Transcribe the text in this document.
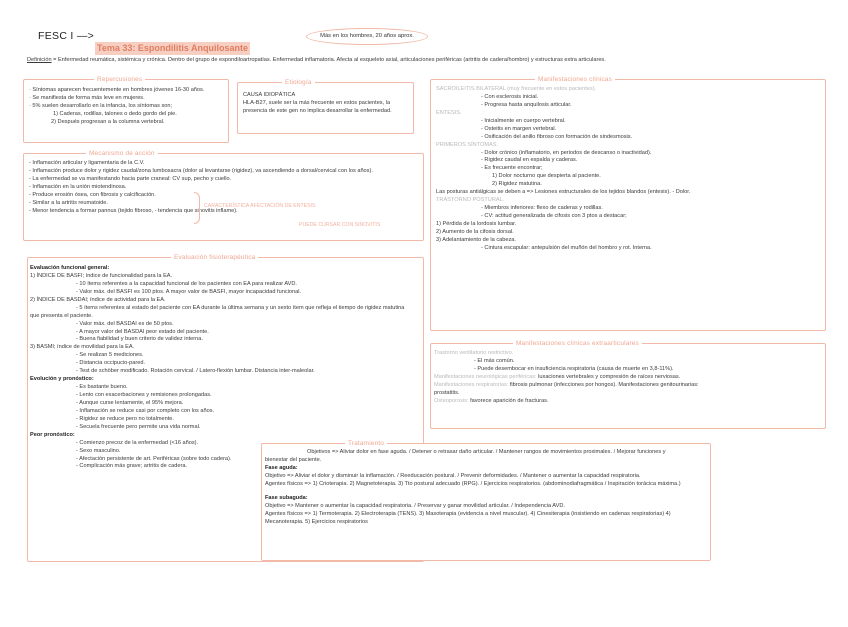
FESC I —>
Tema 33: Espondilitis Anquilosante
Más en los hombres, 20 años aprox.
Definición = Enfermedad reumática, sistémica y crónica. Dentro del grupo de espondiloartropatías. Enfermedad inflamatoria. Afecta al esqueleto axial, articulaciones periféricas (artritis de cadera/hombro) y estructuras extra articulares.
Repercusiones
· Síntomas aparecen frecuentemente en hombres jóvenes 16-30 años.
· Se manifiesta de forma más leve en mujeres.
· 5% suelen desarrollarlo en la infancia, los síntomas son;
1) Caderas, rodillas, talones o dedo gordo del pie.
2) Después progresan a la columna vertebral.
Etiología
CAUSA IDIOPÁTICA
HLA-B27, suele ser la más frecuente en estos pacientes, la
presencia de este gen no implica desarrollar la enfermedad.
Mecanismo de acción
- Inflamación articular y ligamentaria de la C.V.
- Inflamación produce dolor y rigidez caudal/zona lumbosacra (dolor al levantarse (rigidez), va ascendiendo a dorsal/cervical con los años).
- La enfermedad se va manifestando hacia parte craneal: CV sup, pecho y cuello.
- Inflamación en la unión miotendinosa.
- Produce erosión ósea, con fibrosis y calcificación.
- Similar a la artritis reumatoide.
- Menor tendencia a formar pannus (tejido fibroso, - tendencia que sinovitis inflame).
CARACTERÍSTICA AFECTACIÓN DE ENTESIS
PUEDE CURSAR CON SINOVITIS
Manifestaciones clínicas
SACROILEITIS BILATERAL (muy frecuente en estos pacientes).
- Con esclerosis inicial.
- Progresa hasta anquilosis articular.
ENTESIS.
- Inicialmente en cuerpo vertebral.
- Osteitis en margen vertebral.
- Osificación del anillo fibroso con formación de sindesmosis.
PRIMEROS SÍNTOMAS.
- Dolor crónico (inflamatorio, en periodos de descanso o inactividad).
- Rigidez caudal en espalda y caderas.
- Es frecuente encontrar;
1) Dolor nocturno que despierta al paciente.
2) Rigidez matutina.
Las posturas antiálgicas se deben a => Lesiones estructurales de los tejidos blandos (entesis). - Dolor.
TRASTORNO POSTURAL.
- Miembros inferiores: flexo de caderas y rodillas.
- CV: actitud generalizada de cifosis con 3 ptos a destacar;
1) Pérdida de la lordosis lumbar.
2) Aumento de la cifosis dorsal.
3) Adelantamiento de la cabeza.
- Cintura escapular: antepulsión del muñón del hombro y rot. Interna.
Manifestaciones clínicas extraarticulares
Trastorno ventilatorio restrictivo.
- El más común.
- Puede desembocar en insuficiencia respiratoria (causa de muerte en 3,8-11%).
Manifestaciones neurológicas periféricas: luxaciones vertebrales y compresión de raíces nerviosas.
Manifestaciones respiratorias: fibrosis pulmonar (infecciones por hongos). Manifestaciones genitourinarias:
prostatitis.
Osteoporosis: favorece aparición de fracturas.
Evaluación fisioterapéutica
Evaluación funcional general:
1) ÍNDICE DE BASFI; índice de funcionalidad para la EA.
- 10 ítems referentes a la capacidad funcional de los pacientes con EA para realizar AVD.
- Valor máx. del BASFI es 100 ptos. A mayor valor de BASFI, mayor incapacidad funcional.
2) ÍNDICE DE BASDAI; índice de actividad para la EA.
- 5 ítems referentes al estado del paciente con EA durante la última semana y un sexto ítem que refleja el tiempo de rigidez matutina
que presenta el paciente.
- Valor máx. del BASDAI es de 50 ptos.
- A mayor valor del BASDAI peor estado del paciente.
- Buena fiabilidad y buen criterio de validez interna.
3) BASMI; índice de movilidad para la EA.
- Se realizan 5 mediciones.
- Distancia occipucio-pared.
- Test de schöber modificado. Rotación cervical. / Latero-flexión lumbar. Distancia inter-maleolar.
Evolución y pronóstico:
- Es bastante bueno.
- Lento con exacerbaciones y remisiones prolongadas.
- Aunque curse lentamente, el 95% mejora.
- Inflamación se reduce casi por completo con los años.
- Rigidez se reduce pero no totalmente.
- Secuela frecuente pero permite una vida normal.
Peor pronóstico:
- Comienzo precoz de la enfermedad (<16 años).
- Sexo masculino.
- Afectación persistente de art. Periféricas (sobre todo cadera).
- Complicación más grave; artritis de cadera.
Tratamiento
Objetivos => Aliviar dolor en fase aguda. / Detener o retrasar daño articular. / Mantener rangos de movimientos proximales. / Mejorar funciones y
bienestar del paciente.
Fase aguda:
Objetivo => Aliviar el dolor y disminuir la inflamación. / Reeducación postural. / Prevenir deformidades. / Mantener o aumentar la capacidad respiratoria.
Agentes físicos => 1) Crioterapia. 2) Magnetoterapia. 3) Tto postural adecuado (RPG). / Ejercicios respiratorios. (abdominodiafragmática / Inspiración torácica máxima.)
Fase subaguda:
Objetivo => Mantener o aumentar la capacidad respiratoria. / Preservar y ganar movilidad articular. / Independencia AVD.
Agentes físicos => 1) Termoterapia. 2) Electroterapia (TENS). 3) Masoterapia (evidencia a nivel muscular). 4) Cinesiterapia (insistiendo en cadenas respiratorias) 4)
Mecanoterapia. 5) Ejercicios respiratorios
